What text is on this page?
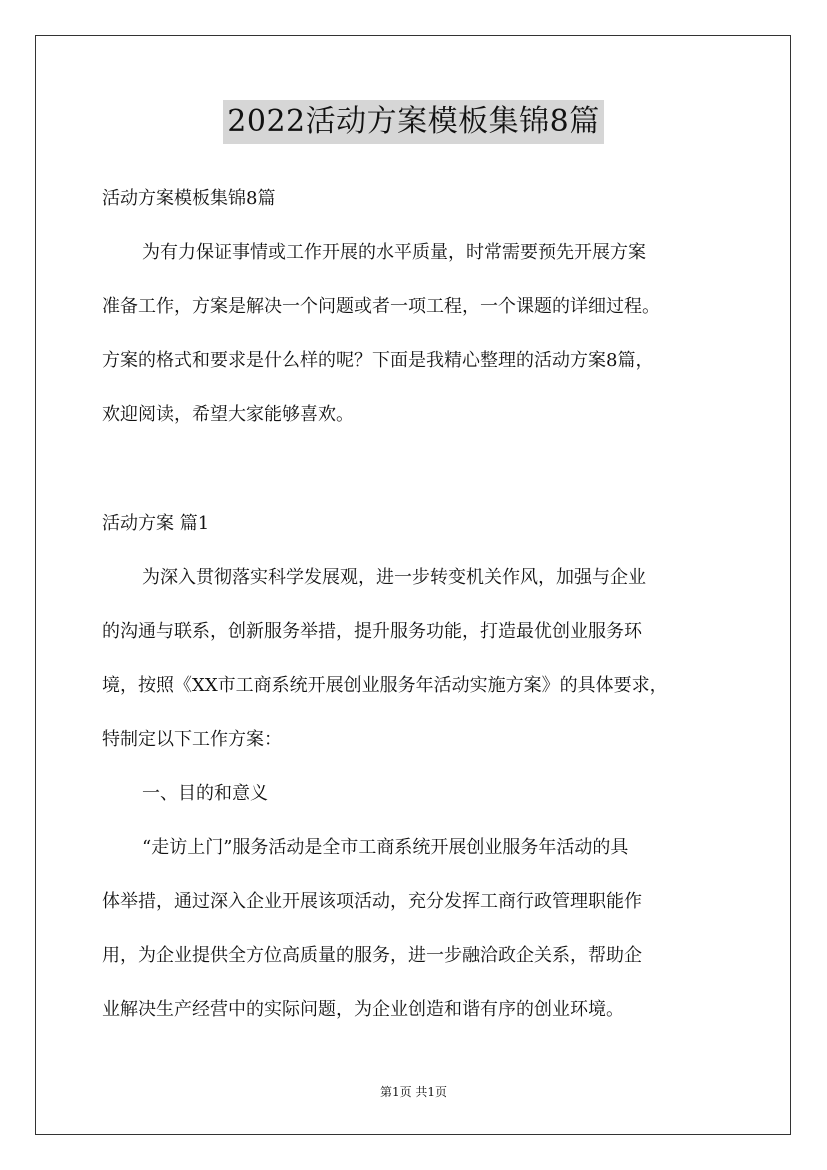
2022活动方案模板集锦8篇
活动方案模板集锦8篇
为有力保证事情或工作开展的水平质量，时常需要预先开展方案
准备工作，方案是解决一个问题或者一项工程，一个课题的详细过程。
方案的格式和要求是什么样的呢？下面是我精心整理的活动方案8篇，
欢迎阅读，希望大家能够喜欢。
活动方案 篇1
为深入贯彻落实科学发展观，进一步转变机关作风，加强与企业
的沟通与联系，创新服务举措，提升服务功能，打造最优创业服务环
境，按照《XX市工商系统开展创业服务年活动实施方案》的具体要求，
特制定以下工作方案：
一、目的和意义
“走访上门”服务活动是全市工商系统开展创业服务年活动的具
体举措，通过深入企业开展该项活动，充分发挥工商行政管理职能作
用，为企业提供全方位高质量的服务，进一步融洽政企关系，帮助企
业解决生产经营中的实际问题，为企业创造和谐有序的创业环境。
第1页 共1页
